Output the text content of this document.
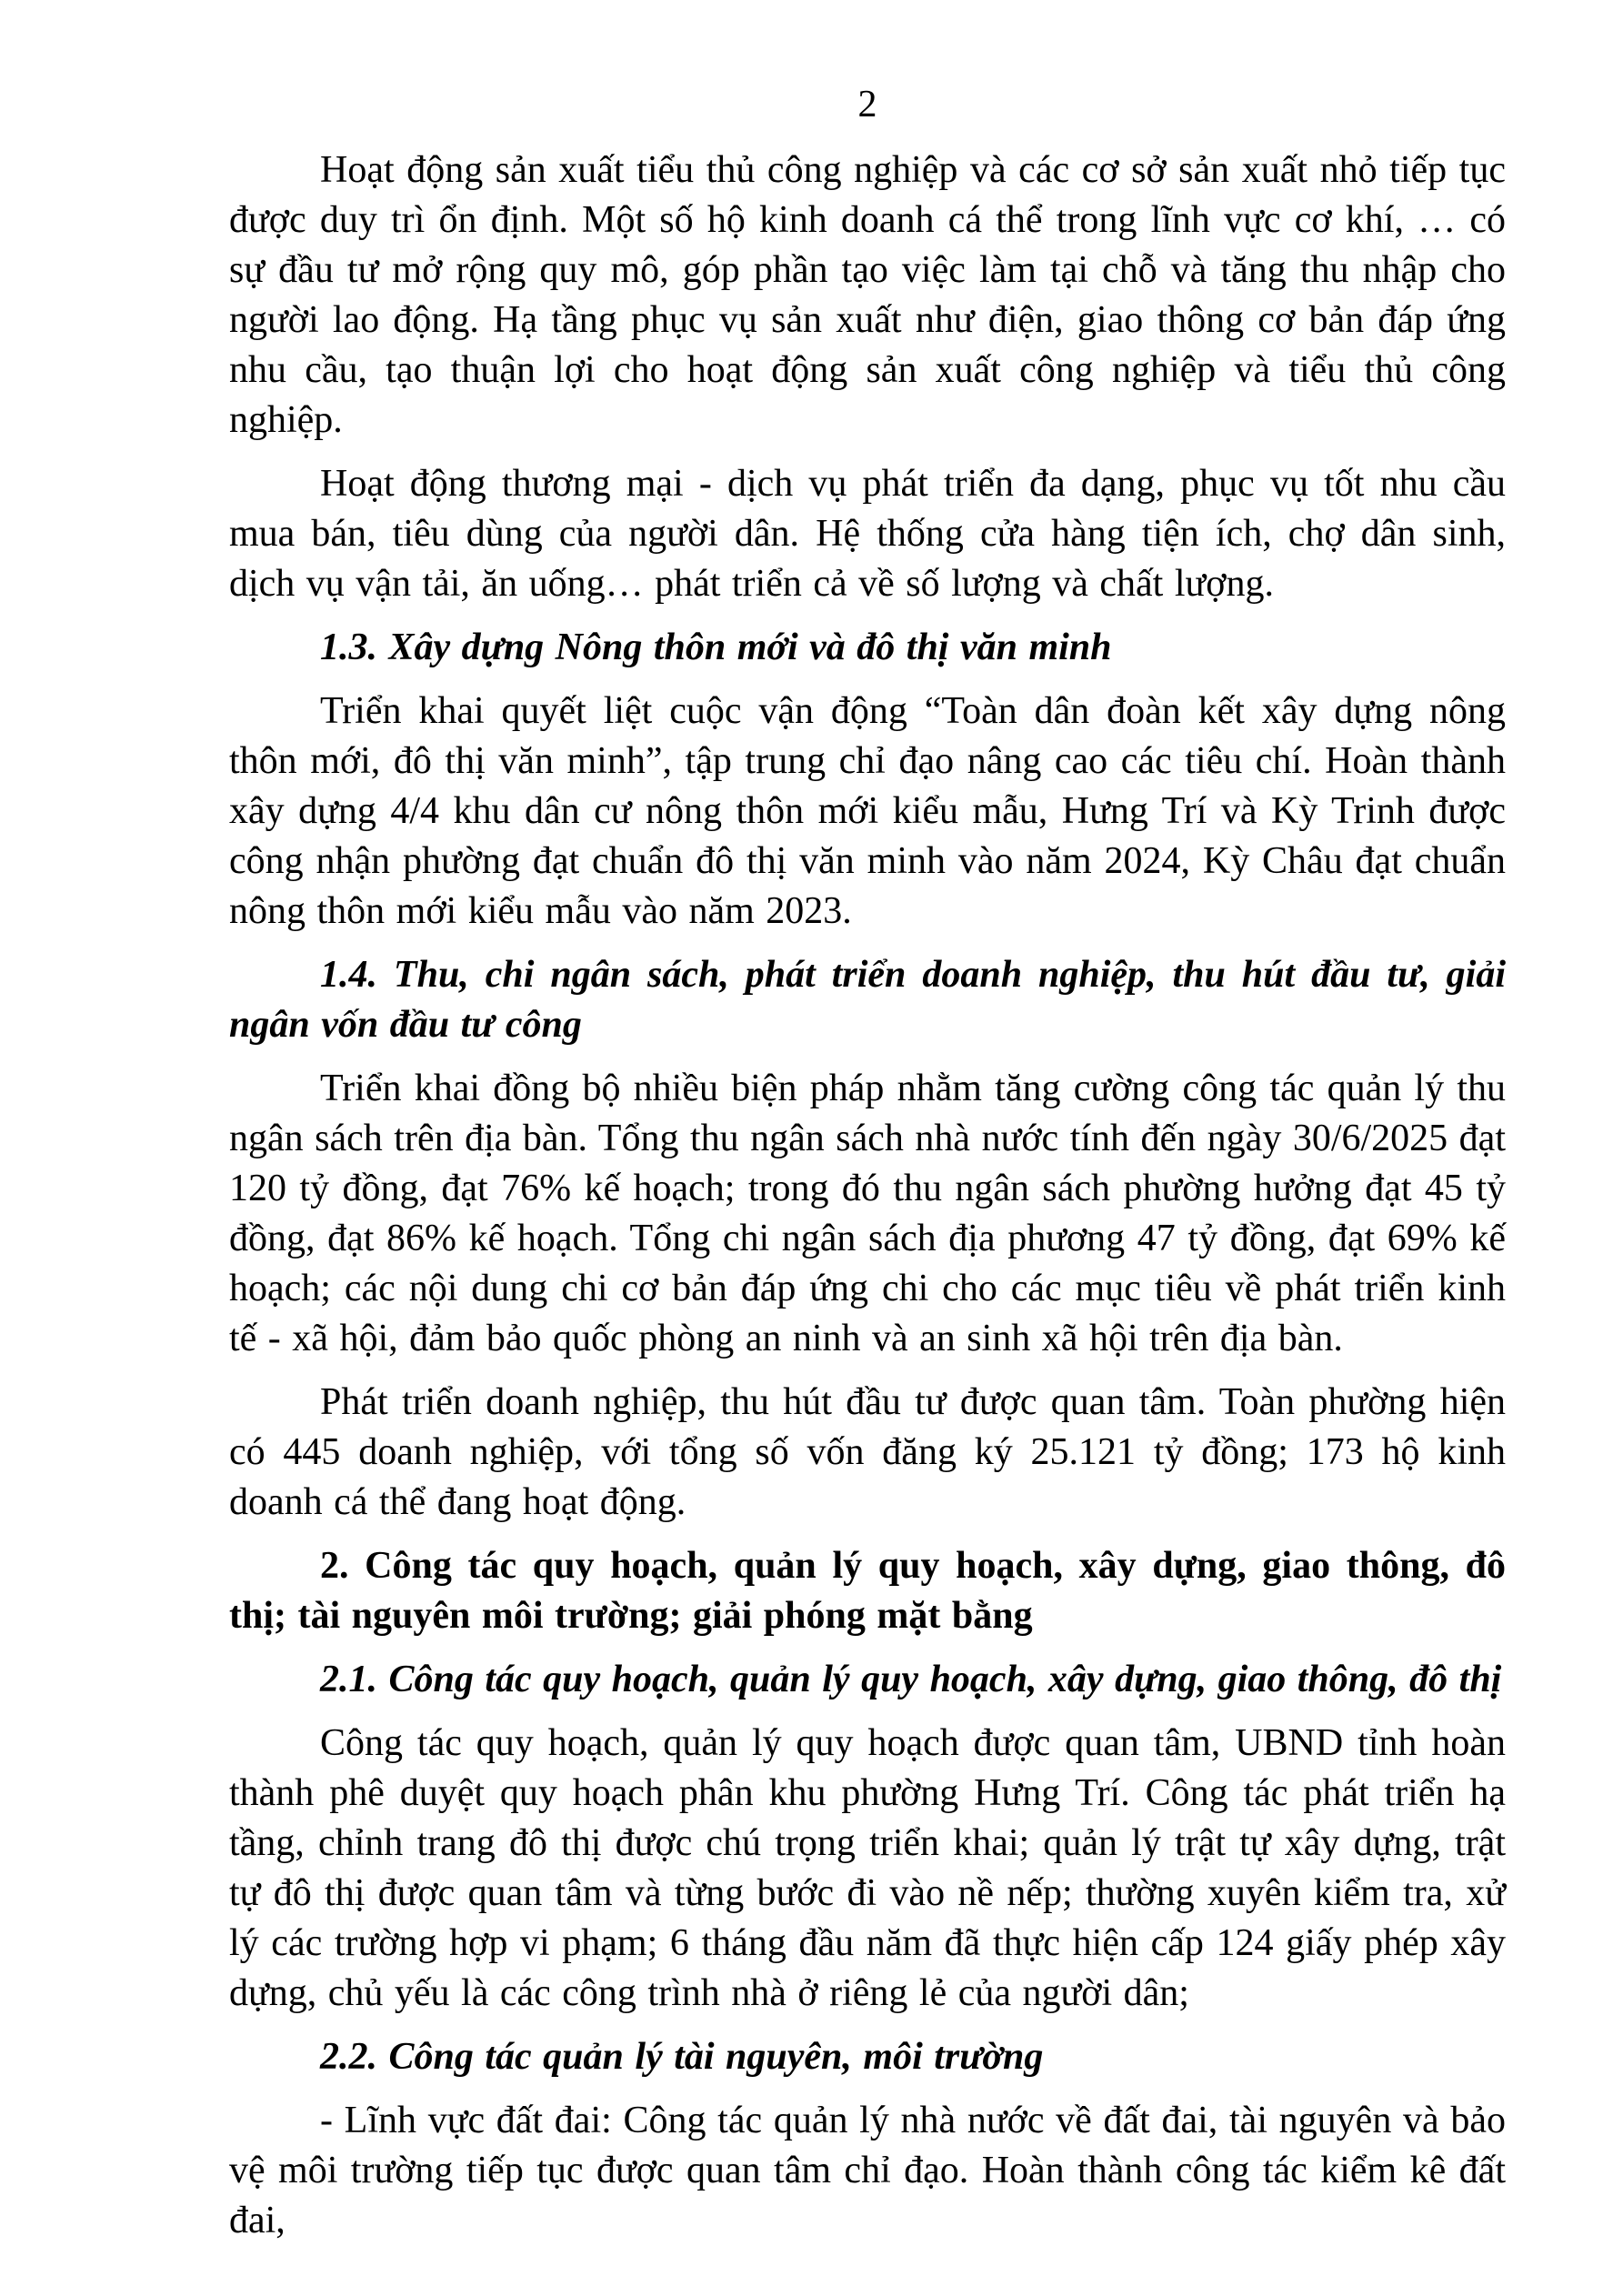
2

Hoạt động sản xuất tiểu thủ công nghiệp và các cơ sở sản xuất nhỏ tiếp tục được duy trì ổn định. Một số hộ kinh doanh cá thể trong lĩnh vực cơ khí, … có sự đầu tư mở rộng quy mô, góp phần tạo việc làm tại chỗ và tăng thu nhập cho người lao động. Hạ tầng phục vụ sản xuất như điện, giao thông cơ bản đáp ứng nhu cầu, tạo thuận lợi cho hoạt động sản xuất công nghiệp và tiểu thủ công nghiệp.

Hoạt động thương mại - dịch vụ phát triển đa dạng, phục vụ tốt nhu cầu mua bán, tiêu dùng của người dân. Hệ thống cửa hàng tiện ích, chợ dân sinh, dịch vụ vận tải, ăn uống… phát triển cả về số lượng và chất lượng.

1.3. Xây dựng Nông thôn mới và đô thị văn minh

Triển khai quyết liệt cuộc vận động “Toàn dân đoàn kết xây dựng nông thôn mới, đô thị văn minh”, tập trung chỉ đạo nâng cao các tiêu chí. Hoàn thành xây dựng 4/4 khu dân cư nông thôn mới kiểu mẫu, Hưng Trí và Kỳ Trinh được công nhận phường đạt chuẩn đô thị văn minh vào năm 2024, Kỳ Châu đạt chuẩn nông thôn mới kiểu mẫu vào năm 2023.

1.4. Thu, chi ngân sách, phát triển doanh nghiệp, thu hút đầu tư, giải ngân vốn đầu tư công

Triển khai đồng bộ nhiều biện pháp nhằm tăng cường công tác quản lý thu ngân sách trên địa bàn. Tổng thu ngân sách nhà nước tính đến ngày 30/6/2025 đạt 120 tỷ đồng, đạt 76% kế hoạch; trong đó thu ngân sách phường hưởng đạt 45 tỷ đồng, đạt 86% kế hoạch. Tổng chi ngân sách địa phương 47 tỷ đồng, đạt 69% kế hoạch; các nội dung chi cơ bản đáp ứng chi cho các mục tiêu về phát triển kinh tế - xã hội, đảm bảo quốc phòng an ninh và an sinh xã hội trên địa bàn.

Phát triển doanh nghiệp, thu hút đầu tư được quan tâm. Toàn phường hiện có 445 doanh nghiệp, với tổng số vốn đăng ký 25.121 tỷ đồng; 173 hộ kinh doanh cá thể đang hoạt động.

2. Công tác quy hoạch, quản lý quy hoạch, xây dựng, giao thông, đô thị; tài nguyên môi trường; giải phóng mặt bằng

2.1. Công tác quy hoạch, quản lý quy hoạch, xây dựng, giao thông, đô thị

Công tác quy hoạch, quản lý quy hoạch được quan tâm, UBND tỉnh hoàn thành phê duyệt quy hoạch phân khu phường Hưng Trí. Công tác phát triển hạ tầng, chỉnh trang đô thị được chú trọng triển khai; quản lý trật tự xây dựng, trật tự đô thị được quan tâm và từng bước đi vào nề nếp; thường xuyên kiểm tra, xử lý các trường hợp vi phạm; 6 tháng đầu năm đã thực hiện cấp 124 giấy phép xây dựng, chủ yếu là các công trình nhà ở riêng lẻ của người dân;

2.2. Công tác quản lý tài nguyên, môi trường

- Lĩnh vực đất đai: Công tác quản lý nhà nước về đất đai, tài nguyên và bảo vệ môi trường tiếp tục được quan tâm chỉ đạo. Hoàn thành công tác kiểm kê đất đai,
